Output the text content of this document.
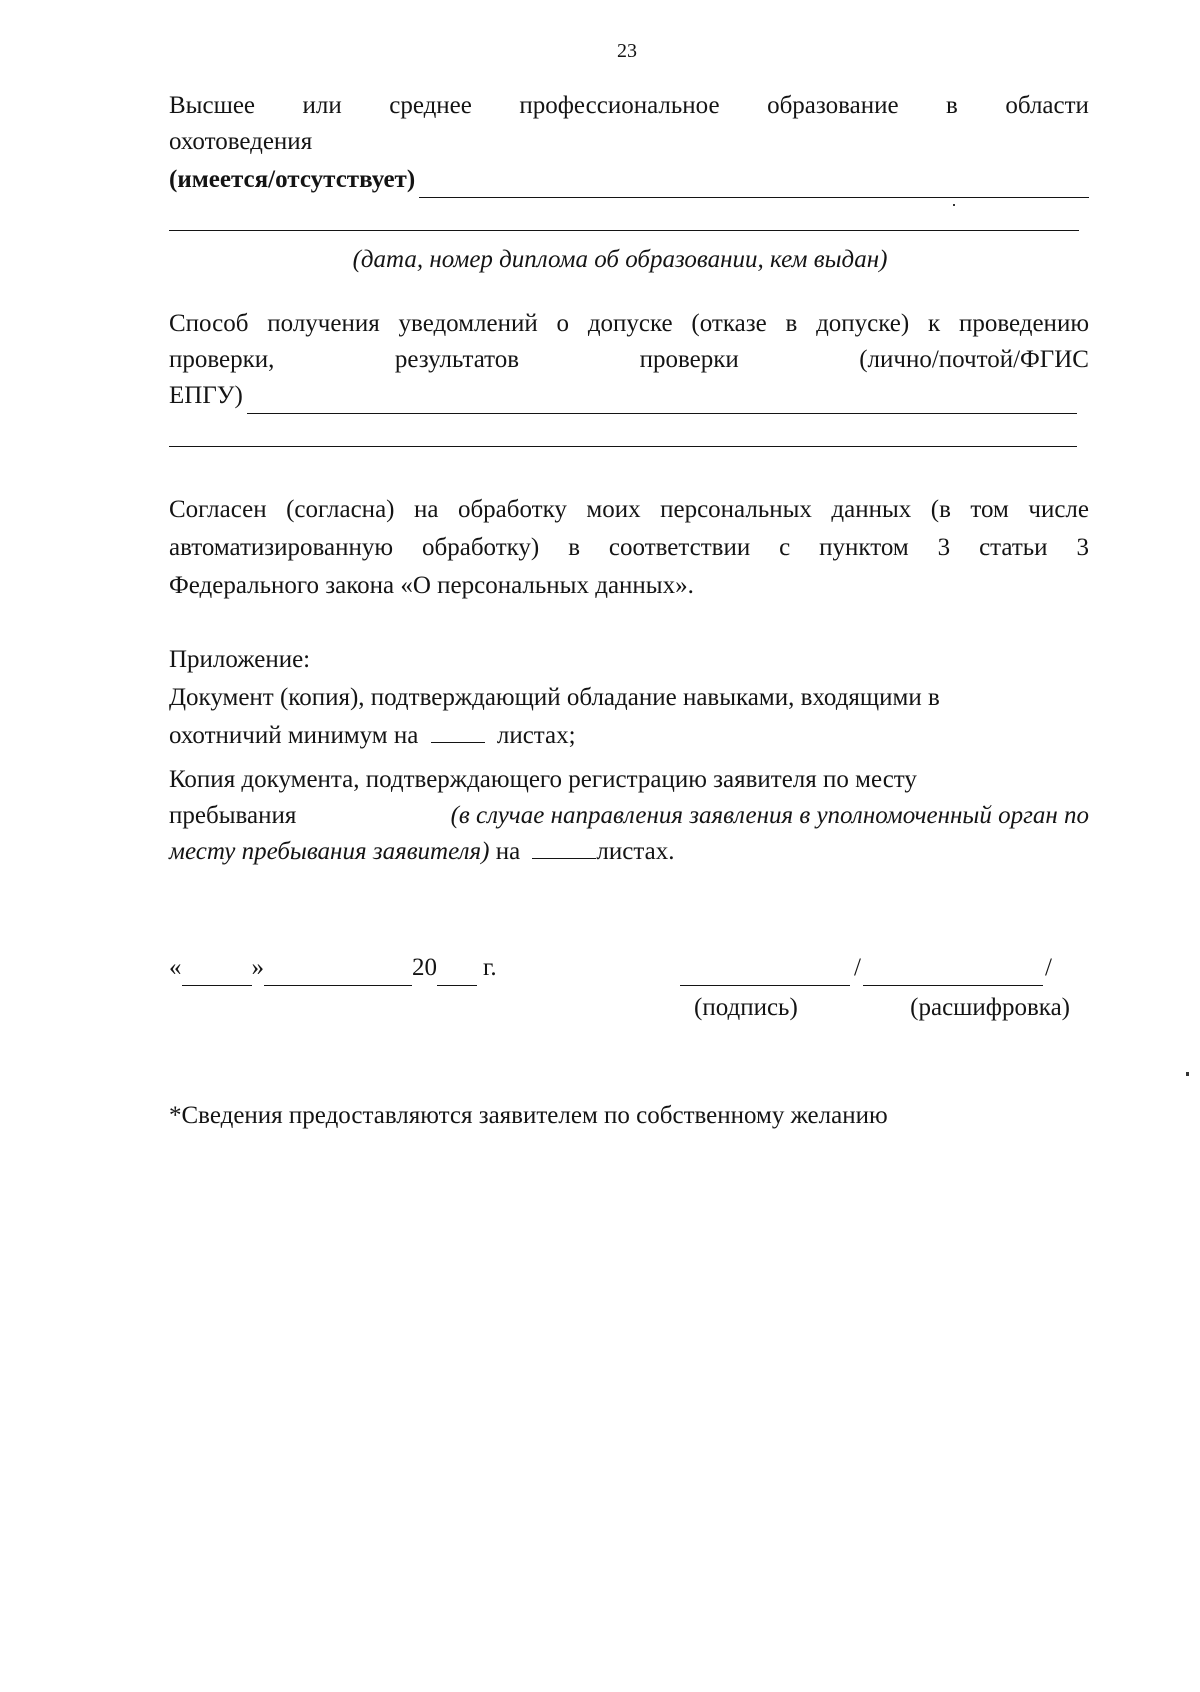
23
Высшее или среднее профессиональное образование в области
охотоведения
(имеется/отсутствует)
(дата, номер диплома об образовании, кем выдан)
Способ получения уведомлений о допуске (отказе в допуске) к проведению
проверки,	результатов	проверки	(лично/почтой/ФГИС
ЕПГУ)
Согласен (согласна) на обработку моих персональных данных (в том числе
автоматизированную обработку) в соответствии с пунктом 3 статьи 3
Федерального закона «О персональных данных».
Приложение:
Документ (копия), подтверждающий обладание навыками, входящими в
охотничий минимум на	листах;
Копия документа, подтверждающего регистрацию заявителя по месту
пребывания	(в случае направления заявления в уполномоченный орган по
месту пребывания заявителя) на	листах.
«	»	20 г.	/	/
(подпись)	(расшифровка)
*Сведения предоставляются заявителем по собственному желанию
